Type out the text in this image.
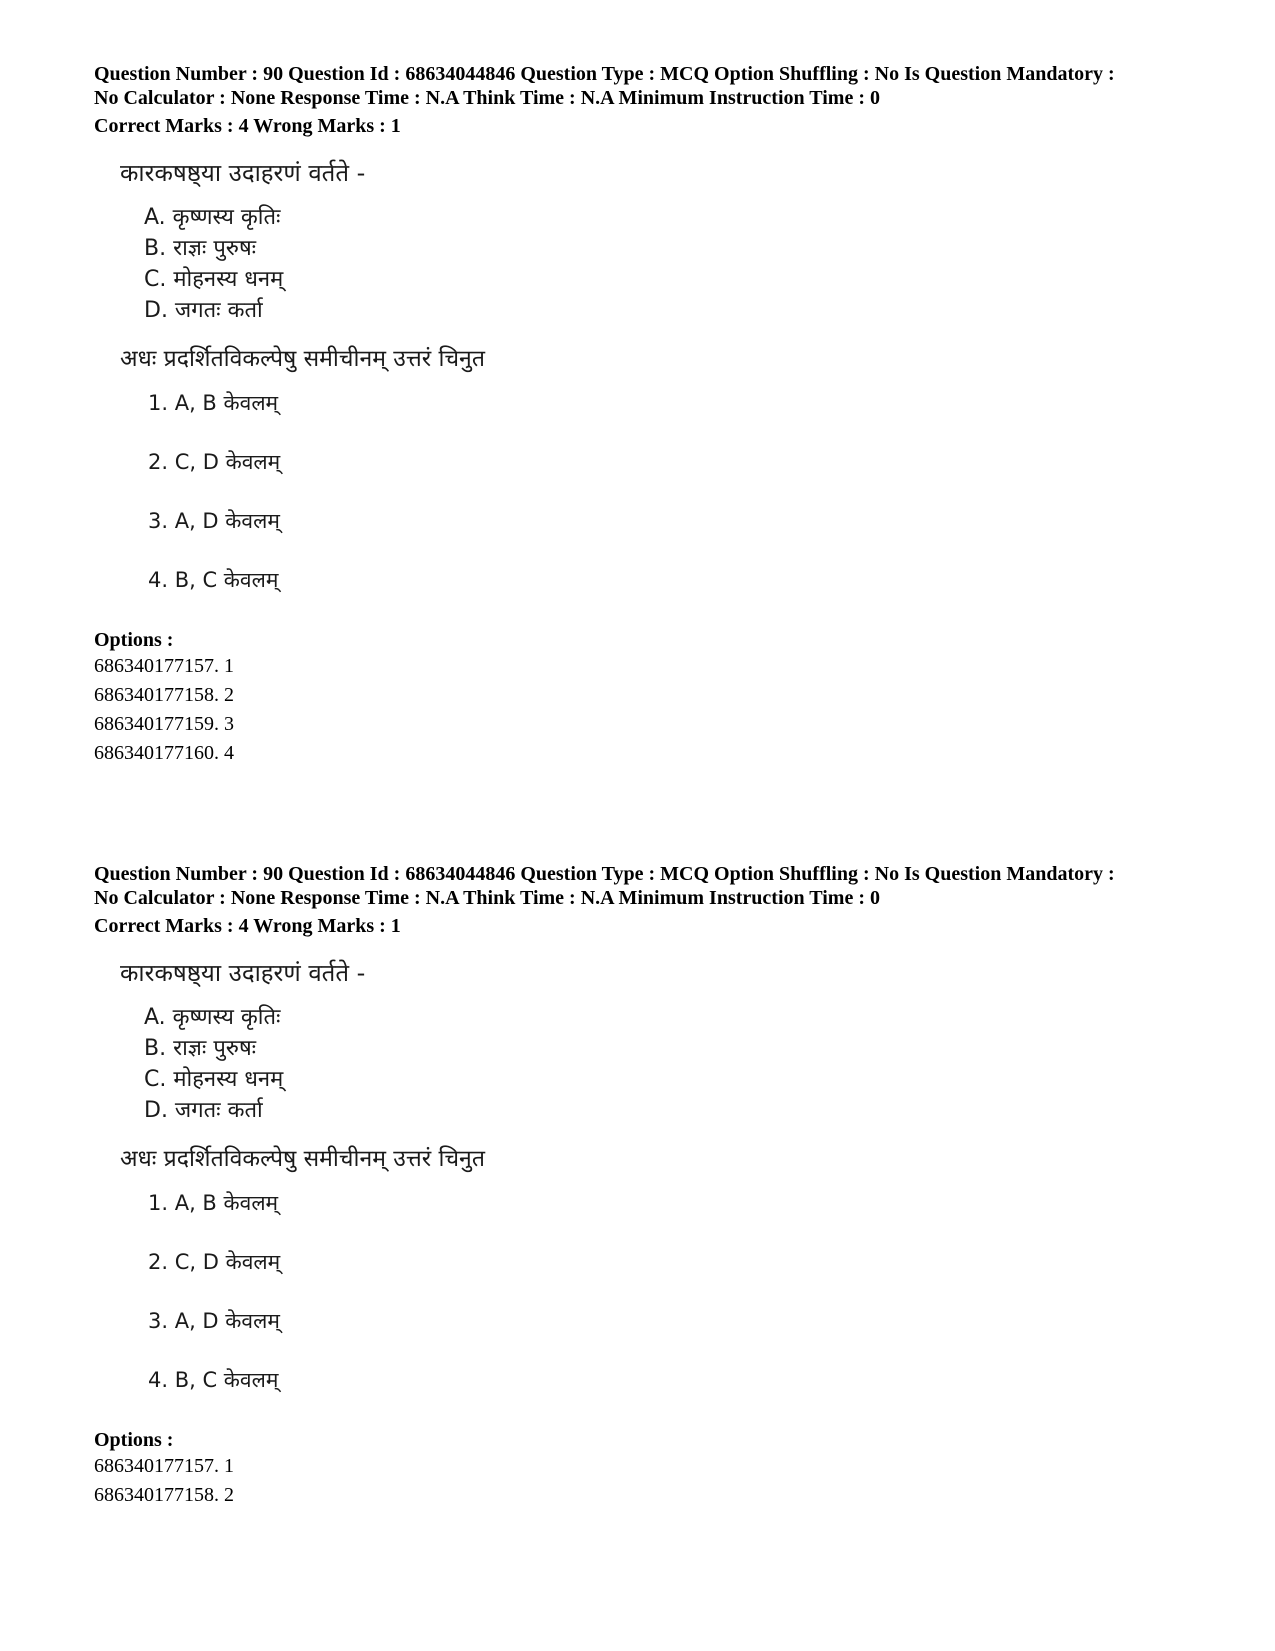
Question Number : 90 Question Id : 68634044846 Question Type : MCQ Option Shuffling : No Is Question Mandatory :
No Calculator : None Response Time : N.A Think Time : N.A Minimum Instruction Time : 0
Correct Marks : 4 Wrong Marks : 1
कारकषष्ठ्या उदाहरणं वर्तते -
A. कृष्णस्य कृतिः
B. राज्ञः पुरुषः
C. मोहनस्य धनम्
D. जगतः कर्ता
अधः प्रदर्शितविकल्पेषु समीचीनम् उत्तरं चिनुत
1. A, B केवलम्
2. C, D केवलम्
3. A, D केवलम्
4. B, C केवलम्
Options :
686340177157. 1
686340177158. 2
686340177159. 3
686340177160. 4
Question Number : 90 Question Id : 68634044846 Question Type : MCQ Option Shuffling : No Is Question Mandatory :
No Calculator : None Response Time : N.A Think Time : N.A Minimum Instruction Time : 0
Correct Marks : 4 Wrong Marks : 1
कारकषष्ठ्या उदाहरणं वर्तते -
A. कृष्णस्य कृतिः
B. राज्ञः पुरुषः
C. मोहनस्य धनम्
D. जगतः कर्ता
अधः प्रदर्शितविकल्पेषु समीचीनम् उत्तरं चिनुत
1. A, B केवलम्
2. C, D केवलम्
3. A, D केवलम्
4. B, C केवलम्
Options :
686340177157. 1
686340177158. 2
